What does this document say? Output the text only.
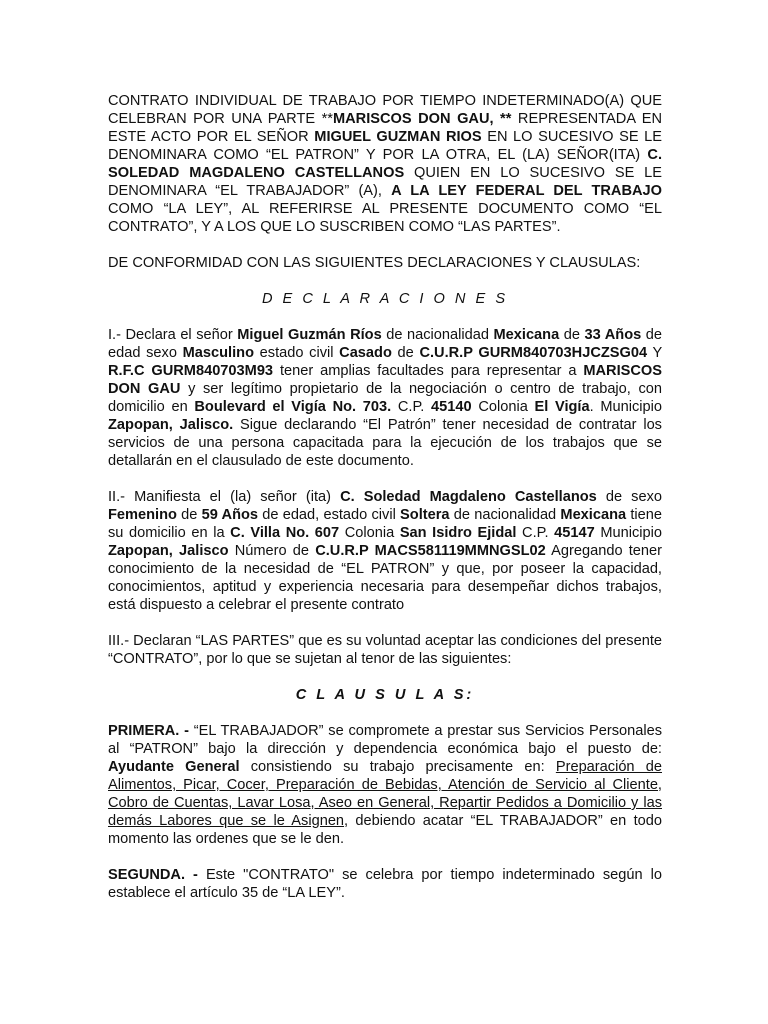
CONTRATO INDIVIDUAL DE TRABAJO POR TIEMPO INDETERMINADO(A) QUE CELEBRAN POR UNA PARTE **MARISCOS DON GAU, ** REPRESENTADA EN ESTE ACTO POR EL SEÑOR MIGUEL GUZMAN RIOS EN LO SUCESIVO SE LE DENOMINARA COMO “EL PATRON” Y POR LA OTRA, EL (LA) SEÑOR(ITA) C. SOLEDAD MAGDALENO CASTELLANOS QUIEN EN LO SUCESIVO SE LE DENOMINARA “EL TRABAJADOR” (A), A LA LEY FEDERAL DEL TRABAJO COMO “LA LEY”, AL REFERIRSE AL PRESENTE DOCUMENTO COMO “EL CONTRATO”, Y A LOS QUE LO SUSCRIBEN COMO “LAS PARTES”.

DE CONFORMIDAD CON LAS SIGUIENTES DECLARACIONES Y CLAUSULAS:

D E C L A R A C I O N E S

I.- Declara el señor Miguel Guzmán Ríos de nacionalidad Mexicana de 33 Años de edad sexo Masculino estado civil Casado de C.U.R.P GURM840703HJCZSG04 Y R.F.C GURM840703M93 tener amplias facultades para representar a MARISCOS DON GAU y ser legítimo propietario de la negociación o centro de trabajo, con domicilio en Boulevard el Vigía No. 703. C.P. 45140 Colonia El Vigía. Municipio Zapopan, Jalisco. Sigue declarando “El Patrón” tener necesidad de contratar los servicios de una persona capacitada para la ejecución de los trabajos que se detallarán en el clausulado de este documento.

II.- Manifiesta el (la) señor (ita) C. Soledad Magdaleno Castellanos de sexo Femenino de 59 Años de edad, estado civil Soltera de nacionalidad Mexicana tiene su domicilio en la C. Villa No. 607 Colonia San Isidro Ejidal C.P. 45147 Municipio Zapopan, Jalisco Número de C.U.R.P MACS581119MMNGSL02 Agregando tener conocimiento de la necesidad de “EL PATRON” y que, por poseer la capacidad, conocimientos, aptitud y experiencia necesaria para desempeñar dichos trabajos, está dispuesto a celebrar el presente contrato

III.- Declaran “LAS PARTES” que es su voluntad aceptar las condiciones del presente “CONTRATO”, por lo que se sujetan al tenor de las siguientes:

C L A U S U L A S:

PRIMERA. - “EL TRABAJADOR” se compromete a prestar sus Servicios Personales al “PATRON” bajo la dirección y dependencia económica bajo el puesto de: Ayudante General consistiendo su trabajo precisamente en: Preparación de Alimentos, Picar, Cocer, Preparación de Bebidas, Atención de Servicio al Cliente, Cobro de Cuentas, Lavar Losa, Aseo en General, Repartir Pedidos a Domicilio y las demás Labores que se le Asignen, debiendo acatar “EL TRABAJADOR” en todo momento las ordenes que se le den.

SEGUNDA. - Este "CONTRATO" se celebra por tiempo indeterminado según lo establece el artículo 35 de “LA LEY”.
